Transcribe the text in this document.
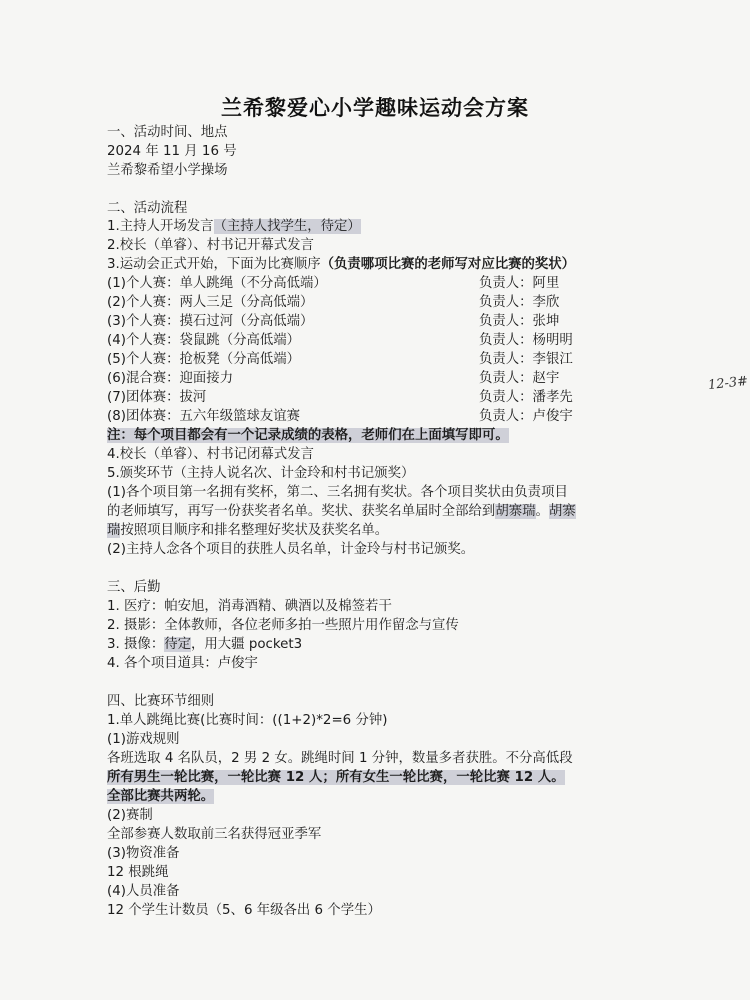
兰希黎爱心小学趣味运动会方案
一、活动时间、地点
2024 年 11 月 16 号
兰希黎希望小学操场
二、活动流程
1.主持人开场发言（主持人找学生，待定）
2.校长（单睿）、村书记开幕式发言
3.运动会正式开始，下面为比赛顺序（负责哪项比赛的老师写对应比赛的奖状）
(1)个人赛：单人跳绳（不分高低端）	负责人：阿里
(2)个人赛：两人三足（分高低端）	负责人：李欣
(3)个人赛：摸石过河（分高低端）	负责人：张坤
(4)个人赛：袋鼠跳（分高低端）	负责人：杨明明
(5)个人赛：抢板凳（分高低端）	负责人：李银江
(6)混合赛：迎面接力	负责人：赵宇
(7)团体赛：拔河	负责人：潘孝先
(8)团体赛：五六年级篮球友谊赛	负责人：卢俊宇
注：每个项目都会有一个记录成绩的表格，老师们在上面填写即可。
4.校长（单睿）、村书记闭幕式发言
5.颁奖环节（主持人说名次、计金玲和村书记颁奖）
(1)各个项目第一名拥有奖杯，第二、三名拥有奖状。各个项目奖状由负责项目
的老师填写，再写一份获奖者名单。奖状、获奖名单届时全部给到胡寨瑞。胡寨
瑞按照项目顺序和排名整理好奖状及获奖名单。
(2)主持人念各个项目的获胜人员名单，计金玲与村书记颁奖。
三、后勤
1. 医疗：帕安旭，消毒酒精、碘酒以及棉签若干
2. 摄影：全体教师，各位老师多拍一些照片用作留念与宣传
3. 摄像：待定，用大疆 pocket3
4. 各个项目道具：卢俊宇
四、比赛环节细则
1.单人跳绳比赛(比赛时间：((1+2)*2=6 分钟)
(1)游戏规则
各班选取 4 名队员，2 男 2 女。跳绳时间 1 分钟，数量多者获胜。不分高低段
所有男生一轮比赛，一轮比赛 12 人；所有女生一轮比赛，一轮比赛 12 人。
全部比赛共两轮。
(2)赛制
全部参赛人数取前三名获得冠亚季军
(3)物资准备
12 根跳绳
(4)人员准备
12 个学生计数员（5、6 年级各出 6 个学生）
12-3#
